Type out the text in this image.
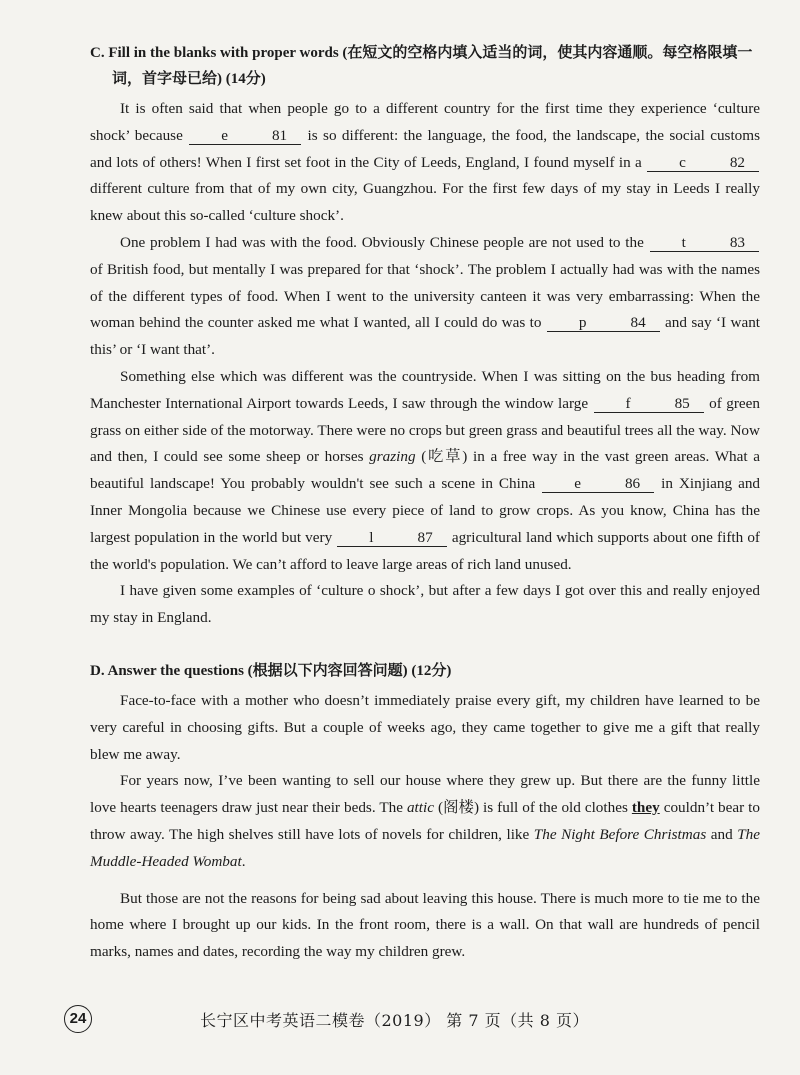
C. Fill in the blanks with proper words (在短文的空格内填入适当的词，使其内容通顺。每空格限填一
词，首字母已给) (14分)

It is often said that when people go to a different country for the first time they experience ‘culture shock’ because e	81 is so different: the language, the food, the landscape, the social customs and lots of others! When I first set foot in the City of Leeds, England, I found myself in a c	82 different culture from that of my own city, Guangzhou. For the first few days of my stay in Leeds I really knew about this so-called ‘culture shock’.

One problem I had was with the food. Obviously Chinese people are not used to the t	83 of British food, but mentally I was prepared for that ‘shock’. The problem I actually had was with the names of the different types of food. When I went to the university canteen it was very embarrassing: When the woman behind the counter asked me what I wanted, all I could do was to p	84 and say ‘I want this’ or ‘I want that’.

Something else which was different was the countryside. When I was sitting on the bus heading from Manchester International Airport towards Leeds, I saw through the window large f	85 of green grass on either side of the motorway. There were no crops but green grass and beautiful trees all the way. Now and then, I could see some sheep or horses grazing (吃草) in a free way in the vast green areas. What a beautiful landscape! You probably wouldn't see such a scene in China e	86 in Xinjiang and Inner Mongolia because we Chinese use every piece of land to grow crops. As you know, China has the largest population in the world but very l	87 agricultural land which supports about one fifth of the world's population. We can’t afford to leave large areas of rich land unused.

I have given some examples of ‘culture o shock’, but after a few days I got over this and really enjoyed my stay in England.

D. Answer the questions (根据以下内容回答问题) (12分)

Face-to-face with a mother who doesn’t immediately praise every gift, my children have learned to be very careful in choosing gifts. But a couple of weeks ago, they came together to give me a gift that really blew me away.

For years now, I’ve been wanting to sell our house where they grew up. But there are the funny little love hearts teenagers draw just near their beds. The attic (阁楼) is full of the old clothes they couldn’t bear to throw away. The high shelves still have lots of novels for children, like The Night Before Christmas and The Muddle-Headed Wombat.

But those are not the reasons for being sad about leaving this house. There is much more to tie me to the home where I brought up our kids. In the front room, there is a wall. On that wall are hundreds of pencil marks, names and dates, recording the way my children grew.

24	长宁区中考英语二模卷（2019） 第 7 页（共 8 页）
